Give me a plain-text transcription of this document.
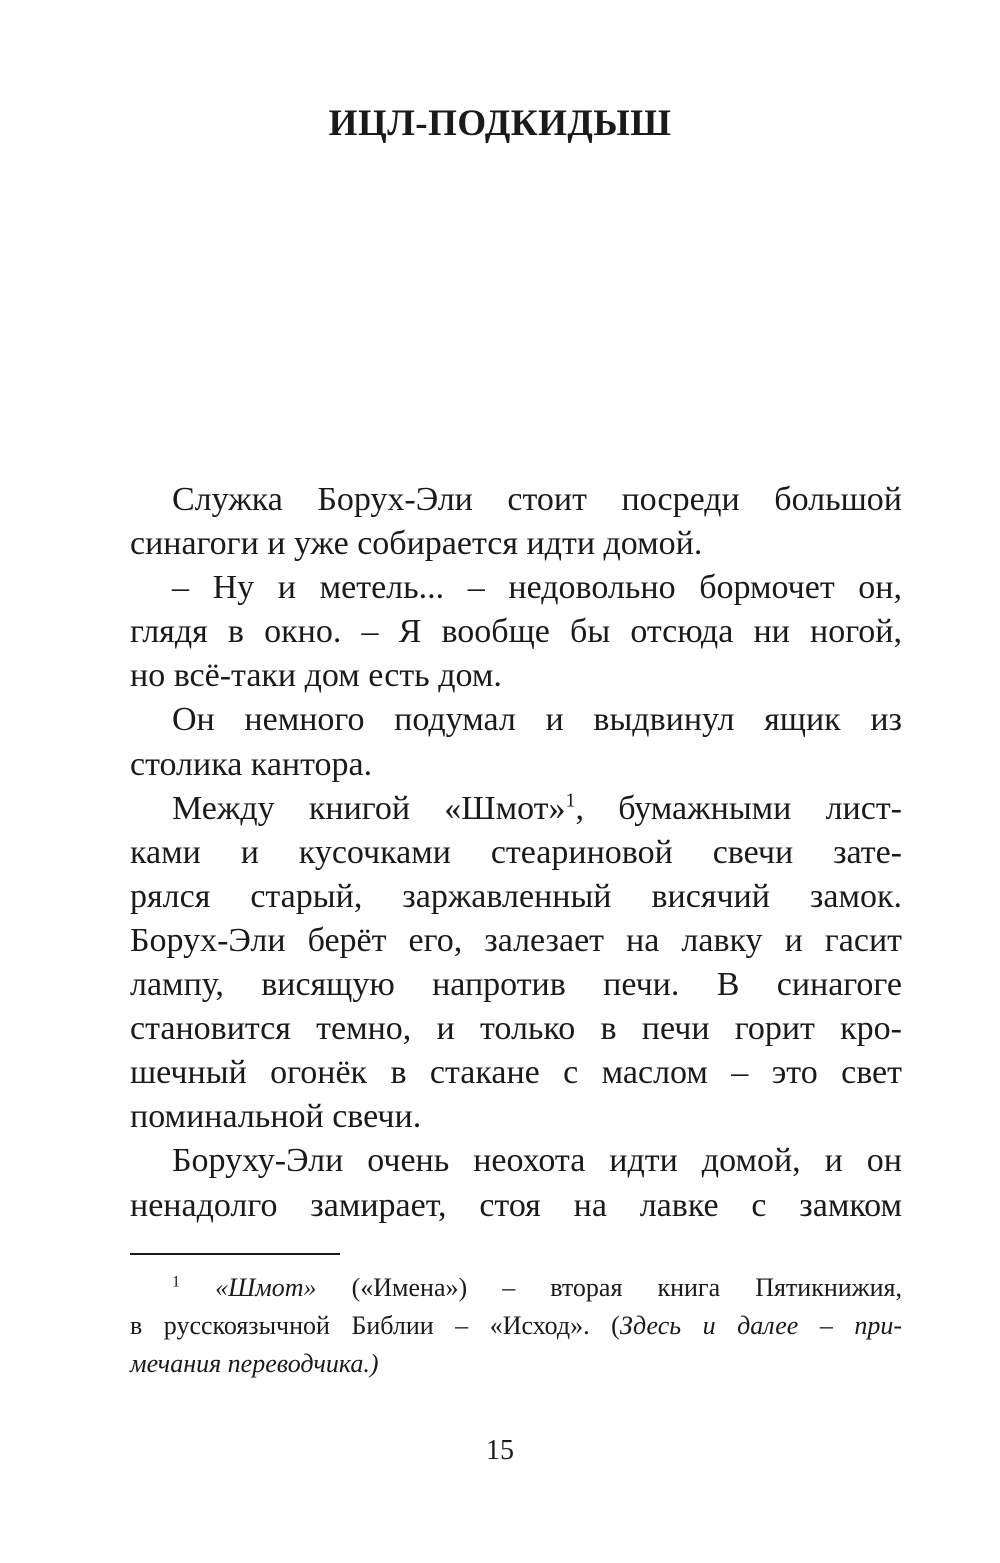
ИЦЛ-ПОДКИДЫШ
Служка Борух-Эли стоит посреди большой
синагоги и уже собирается идти домой.
– Ну и метель... – недовольно бормочет он,
глядя в окно. – Я вообще бы отсюда ни ногой,
но всё-таки дом есть дом.
Он немного подумал и выдвинул ящик из
столика кантора.
Между книгой «Шмот»$^1$, бумажными лист-
ками и кусочками стеариновой свечи зате-
рялся старый, заржавленный висячий замок.
Борух-Эли берёт его, залезает на лавку и гасит
лампу, висящую напротив печи. В синагоге
становится темно, и только в печи горит кро-
шечный огонёк в стакане с маслом – это свет
поминальной свечи.
Боруху-Эли очень неохота идти домой, и он
ненадолго замирает, стоя на лавке с замком
$^1$ «Шмот» («Имена») – вторая книга Пятикнижия,
в русскоязычной Библии – «Исход». (Здесь и далее – при-
мечания переводчика.)
15
